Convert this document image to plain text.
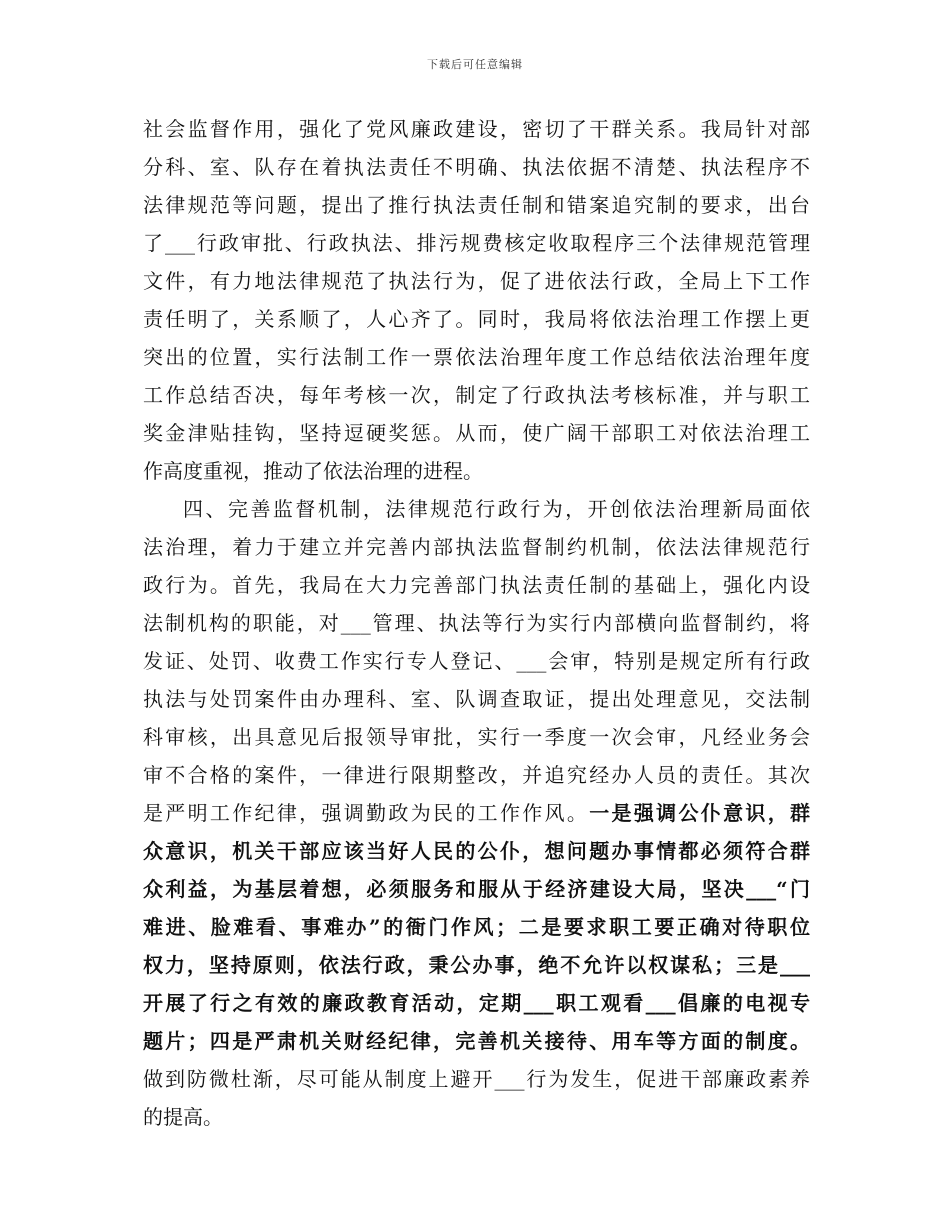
下载后可任意编辑
社会监督作用，强化了党风廉政建设，密切了干群关系。我局针对部
分科、室、队存在着执法责任不明确、执法依据不清楚、执法程序不
法律规范等问题，提出了推行执法责任制和错案追究制的要求，出台
了___行政审批、行政执法、排污规费核定收取程序三个法律规范管理
文件，有力地法律规范了执法行为，促了进依法行政，全局上下工作
责任明了，关系顺了，人心齐了。同时，我局将依法治理工作摆上更
突出的位置，实行法制工作一票依法治理年度工作总结依法治理年度
工作总结否决，每年考核一次，制定了行政执法考核标准，并与职工
奖金津贴挂钩，坚持逗硬奖惩。从而，使广阔干部职工对依法治理工
作高度重视，推动了依法治理的进程。
四、完善监督机制，法律规范行政行为，开创依法治理新局面依
法治理，着力于建立并完善内部执法监督制约机制，依法法律规范行
政行为。首先，我局在大力完善部门执法责任制的基础上，强化内设
法制机构的职能，对___管理、执法等行为实行内部横向监督制约，将
发证、处罚、收费工作实行专人登记、___会审，特别是规定所有行政
执法与处罚案件由办理科、室、队调查取证，提出处理意见，交法制
科审核，出具意见后报领导审批，实行一季度一次会审，凡经业务会
审不合格的案件，一律进行限期整改，并追究经办人员的责任。其次
是严明工作纪律，强调勤政为民的工作作风。一是强调公仆意识，群
众意识，机关干部应该当好人民的公仆，想问题办事情都必须符合群
众利益，为基层着想，必须服务和服从于经济建设大局，坚决___“门
难进、脸难看、事难办”的衙门作风；二是要求职工要正确对待职位
权力，坚持原则，依法行政，秉公办事，绝不允许以权谋私；三是___
开展了行之有效的廉政教育活动，定期___职工观看___倡廉的电视专
题片；四是严肃机关财经纪律，完善机关接待、用车等方面的制度。
做到防微杜渐，尽可能从制度上避开___行为发生，促进干部廉政素养
的提高。
